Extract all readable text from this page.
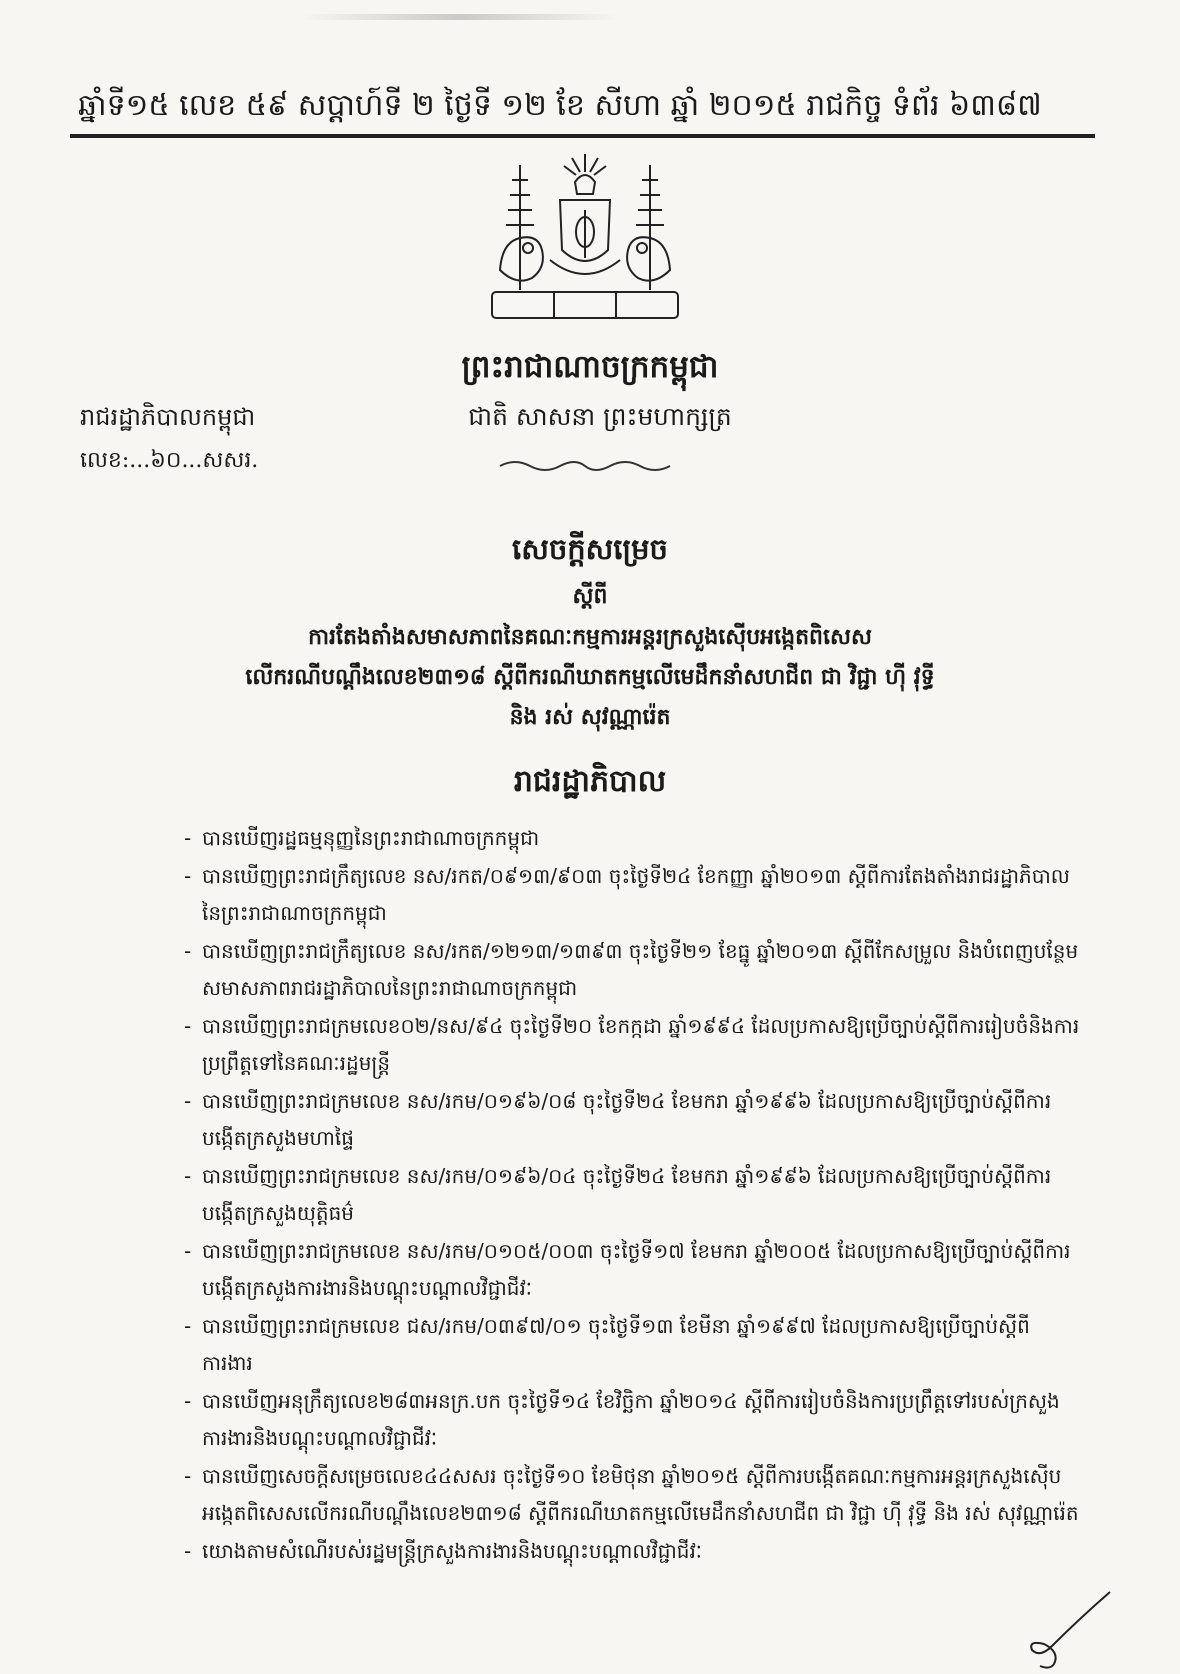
ឆ្នាំទី១៥ លេខ ៥៩ សប្ដាហ៍ទី ២ ថ្ងៃទី ១២ ខែ សីហា ឆ្នាំ ២០១៥ រាជកិច្ច ទំព័រ ៦៣៨៧
ព្រះរាជាណាចក្រកម្ពុជា
ជាតិ សាសនា ព្រះមហាក្សត្រ
រាជរដ្ឋាភិបាលកម្ពុជា
លេខ:...៦០...សសរ.
សេចក្ដីសម្រេច
ស្ដីពី
ការតែងតាំងសមាសភាពនៃគណៈកម្មការអន្តរក្រសួងស៊ើបអង្កេតពិសេស
លើករណីបណ្ដឹងលេខ២៣១៨ ស្ដីពីករណីឃាតកម្មលើមេដឹកនាំសហជីព ជា វិជ្ជា ហ៊ី វុទ្ធី
និង រស់ សុវណ្ណារ៉េត
រាជរដ្ឋាភិបាល
- បានឃើញរដ្ឋធម្មនុញ្ញនៃព្រះរាជាណាចក្រកម្ពុជា
- បានឃើញព្រះរាជក្រឹត្យលេខ នស/រកត/០៩១៣/៩០៣ ចុះថ្ងៃទី២៤ ខែកញ្ញា ឆ្នាំ២០១៣ ស្ដីពីការតែងតាំងរាជរដ្ឋាភិបាលនៃព្រះរាជាណាចក្រកម្ពុជា
- បានឃើញព្រះរាជក្រឹត្យលេខ នស/រកត/១២១៣/១៣៩៣ ចុះថ្ងៃទី២១ ខែធ្នូ ឆ្នាំ២០១៣ ស្ដីពីកែសម្រួល និងបំពេញបន្ថែមសមាសភាពរាជរដ្ឋាភិបាលនៃព្រះរាជាណាចក្រកម្ពុជា
- បានឃើញព្រះរាជក្រមលេខ០២/នស/៩៤ ចុះថ្ងៃទី២០ ខែកក្កដា ឆ្នាំ១៩៩៤ ដែលប្រកាសឱ្យប្រើច្បាប់ស្ដីពីការរៀបចំនិងការប្រព្រឹត្តទៅនៃគណៈរដ្ឋមន្ត្រី
- បានឃើញព្រះរាជក្រមលេខ នស/រកម/០១៩៦/០៨ ចុះថ្ងៃទី២៤ ខែមករា ឆ្នាំ១៩៩៦ ដែលប្រកាសឱ្យប្រើច្បាប់ស្ដីពីការបង្កើតក្រសួងមហាផ្ទៃ
- បានឃើញព្រះរាជក្រមលេខ នស/រកម/០១៩៦/០៤ ចុះថ្ងៃទី២៤ ខែមករា ឆ្នាំ១៩៩៦ ដែលប្រកាសឱ្យប្រើច្បាប់ស្ដីពីការបង្កើតក្រសួងយុត្តិធម៌
- បានឃើញព្រះរាជក្រមលេខ នស/រកម/០១០៥/០០៣ ចុះថ្ងៃទី១៧ ខែមករា ឆ្នាំ២០០៥ ដែលប្រកាសឱ្យប្រើច្បាប់ស្ដីពីការបង្កើតក្រសួងការងារនិងបណ្ដុះបណ្ដាលវិជ្ជាជីវៈ
- បានឃើញព្រះរាជក្រមលេខ ជស/រកម/០៣៩៧/០១ ចុះថ្ងៃទី១៣ ខែមីនា ឆ្នាំ១៩៩៧ ដែលប្រកាសឱ្យប្រើច្បាប់ស្ដីពីការងារ
- បានឃើញអនុក្រឹត្យលេខ២៨៣អនក្រ.បក ចុះថ្ងៃទី១៤ ខែវិច្ឆិកា ឆ្នាំ២០១៤ ស្ដីពីការរៀបចំនិងការប្រព្រឹត្តទៅរបស់ក្រសួងការងារនិងបណ្ដុះបណ្ដាលវិជ្ជាជីវៈ
- បានឃើញសេចក្ដីសម្រេចលេខ៤៤សសរ ចុះថ្ងៃទី១០ ខែមិថុនា ឆ្នាំ២០១៥ ស្ដីពីការបង្កើតគណៈកម្មការអន្តរក្រសួងស៊ើបអង្កេតពិសេសលើករណីបណ្ដឹងលេខ២៣១៨ ស្ដីពីករណីឃាតកម្មលើមេដឹកនាំសហជីព ជា វិជ្ជា ហ៊ី វុទ្ធី និង រស់ សុវណ្ណារ៉េត
- យោងតាមសំណើរបស់រដ្ឋមន្ត្រីក្រសួងការងារនិងបណ្ដុះបណ្ដាលវិជ្ជាជីវៈ
